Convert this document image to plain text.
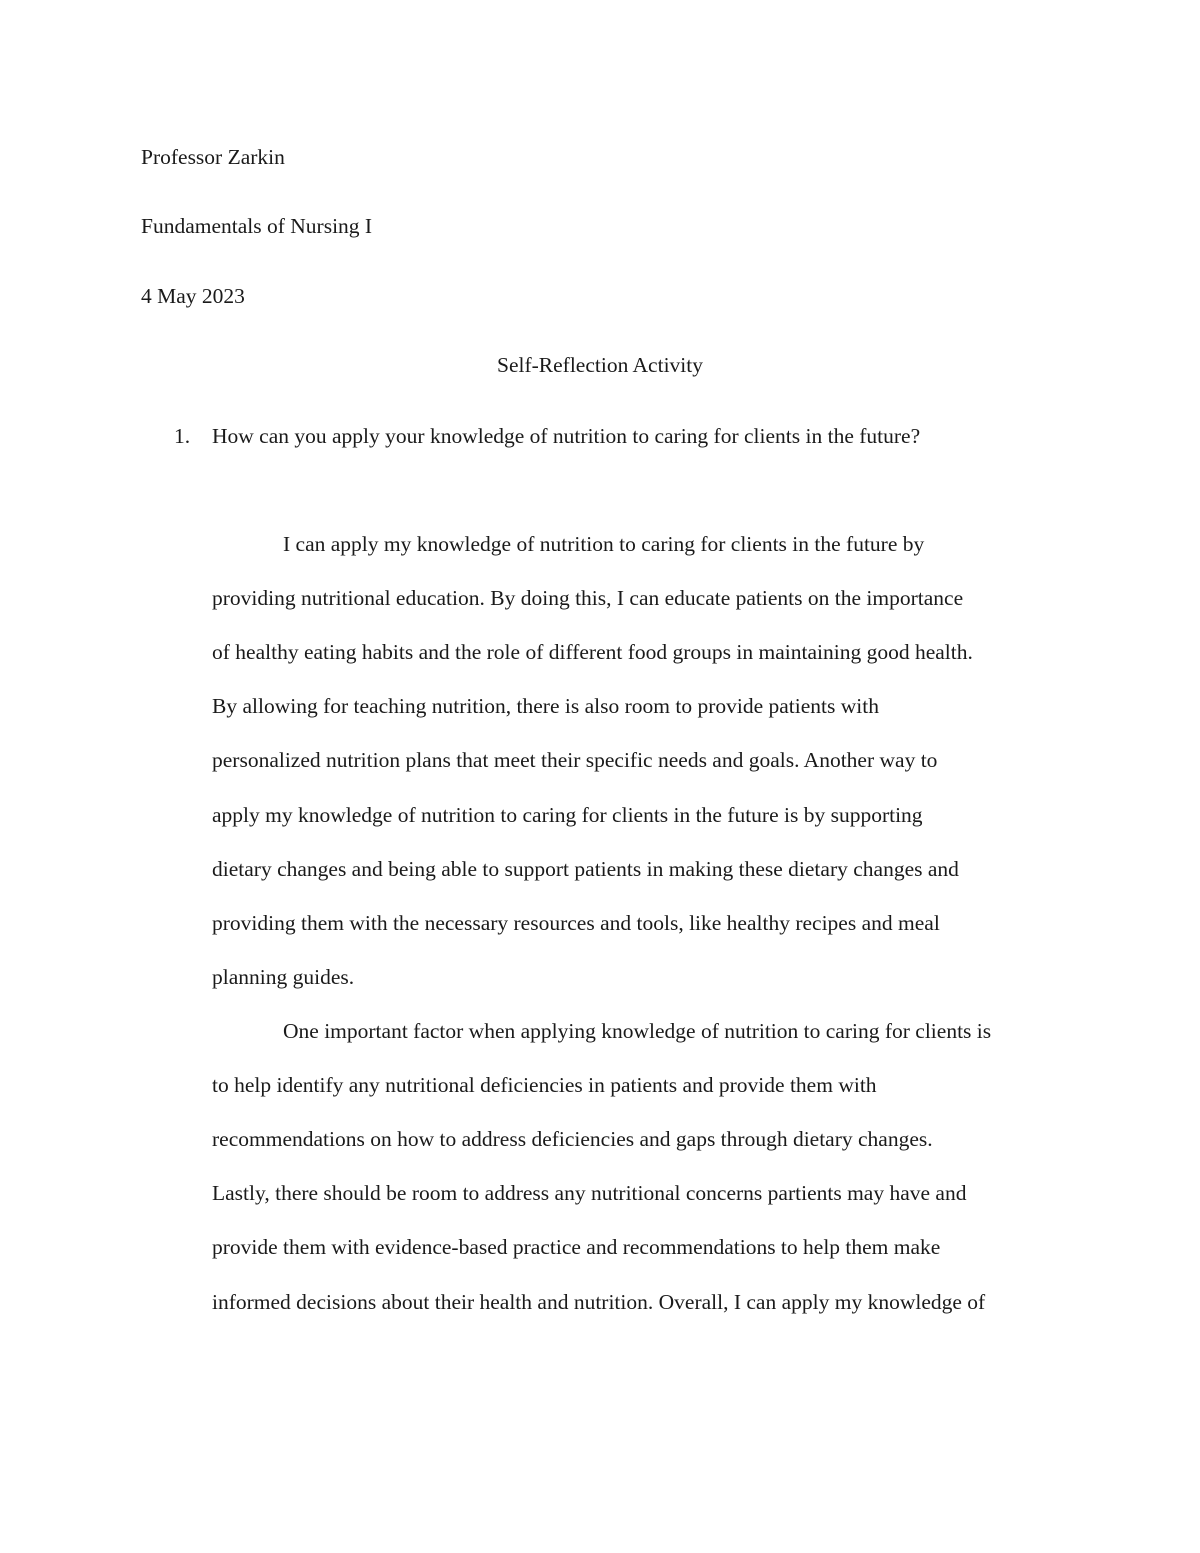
Professor Zarkin
Fundamentals of Nursing I
4 May 2023
Self-Reflection Activity
1. How can you apply your knowledge of nutrition to caring for clients in the future?
I can apply my knowledge of nutrition to caring for clients in the future by
providing nutritional education. By doing this, I can educate patients on the importance
of healthy eating habits and the role of different food groups in maintaining good health.
By allowing for teaching nutrition, there is also room to provide patients with
personalized nutrition plans that meet their specific needs and goals. Another way to
apply my knowledge of nutrition to caring for clients in the future is by supporting
dietary changes and being able to support patients in making these dietary changes and
providing them with the necessary resources and tools, like healthy recipes and meal
planning guides.
One important factor when applying knowledge of nutrition to caring for clients is
to help identify any nutritional deficiencies in patients and provide them with
recommendations on how to address deficiencies and gaps through dietary changes.
Lastly, there should be room to address any nutritional concerns partients may have and
provide them with evidence-based practice and recommendations to help them make
informed decisions about their health and nutrition. Overall, I can apply my knowledge of
